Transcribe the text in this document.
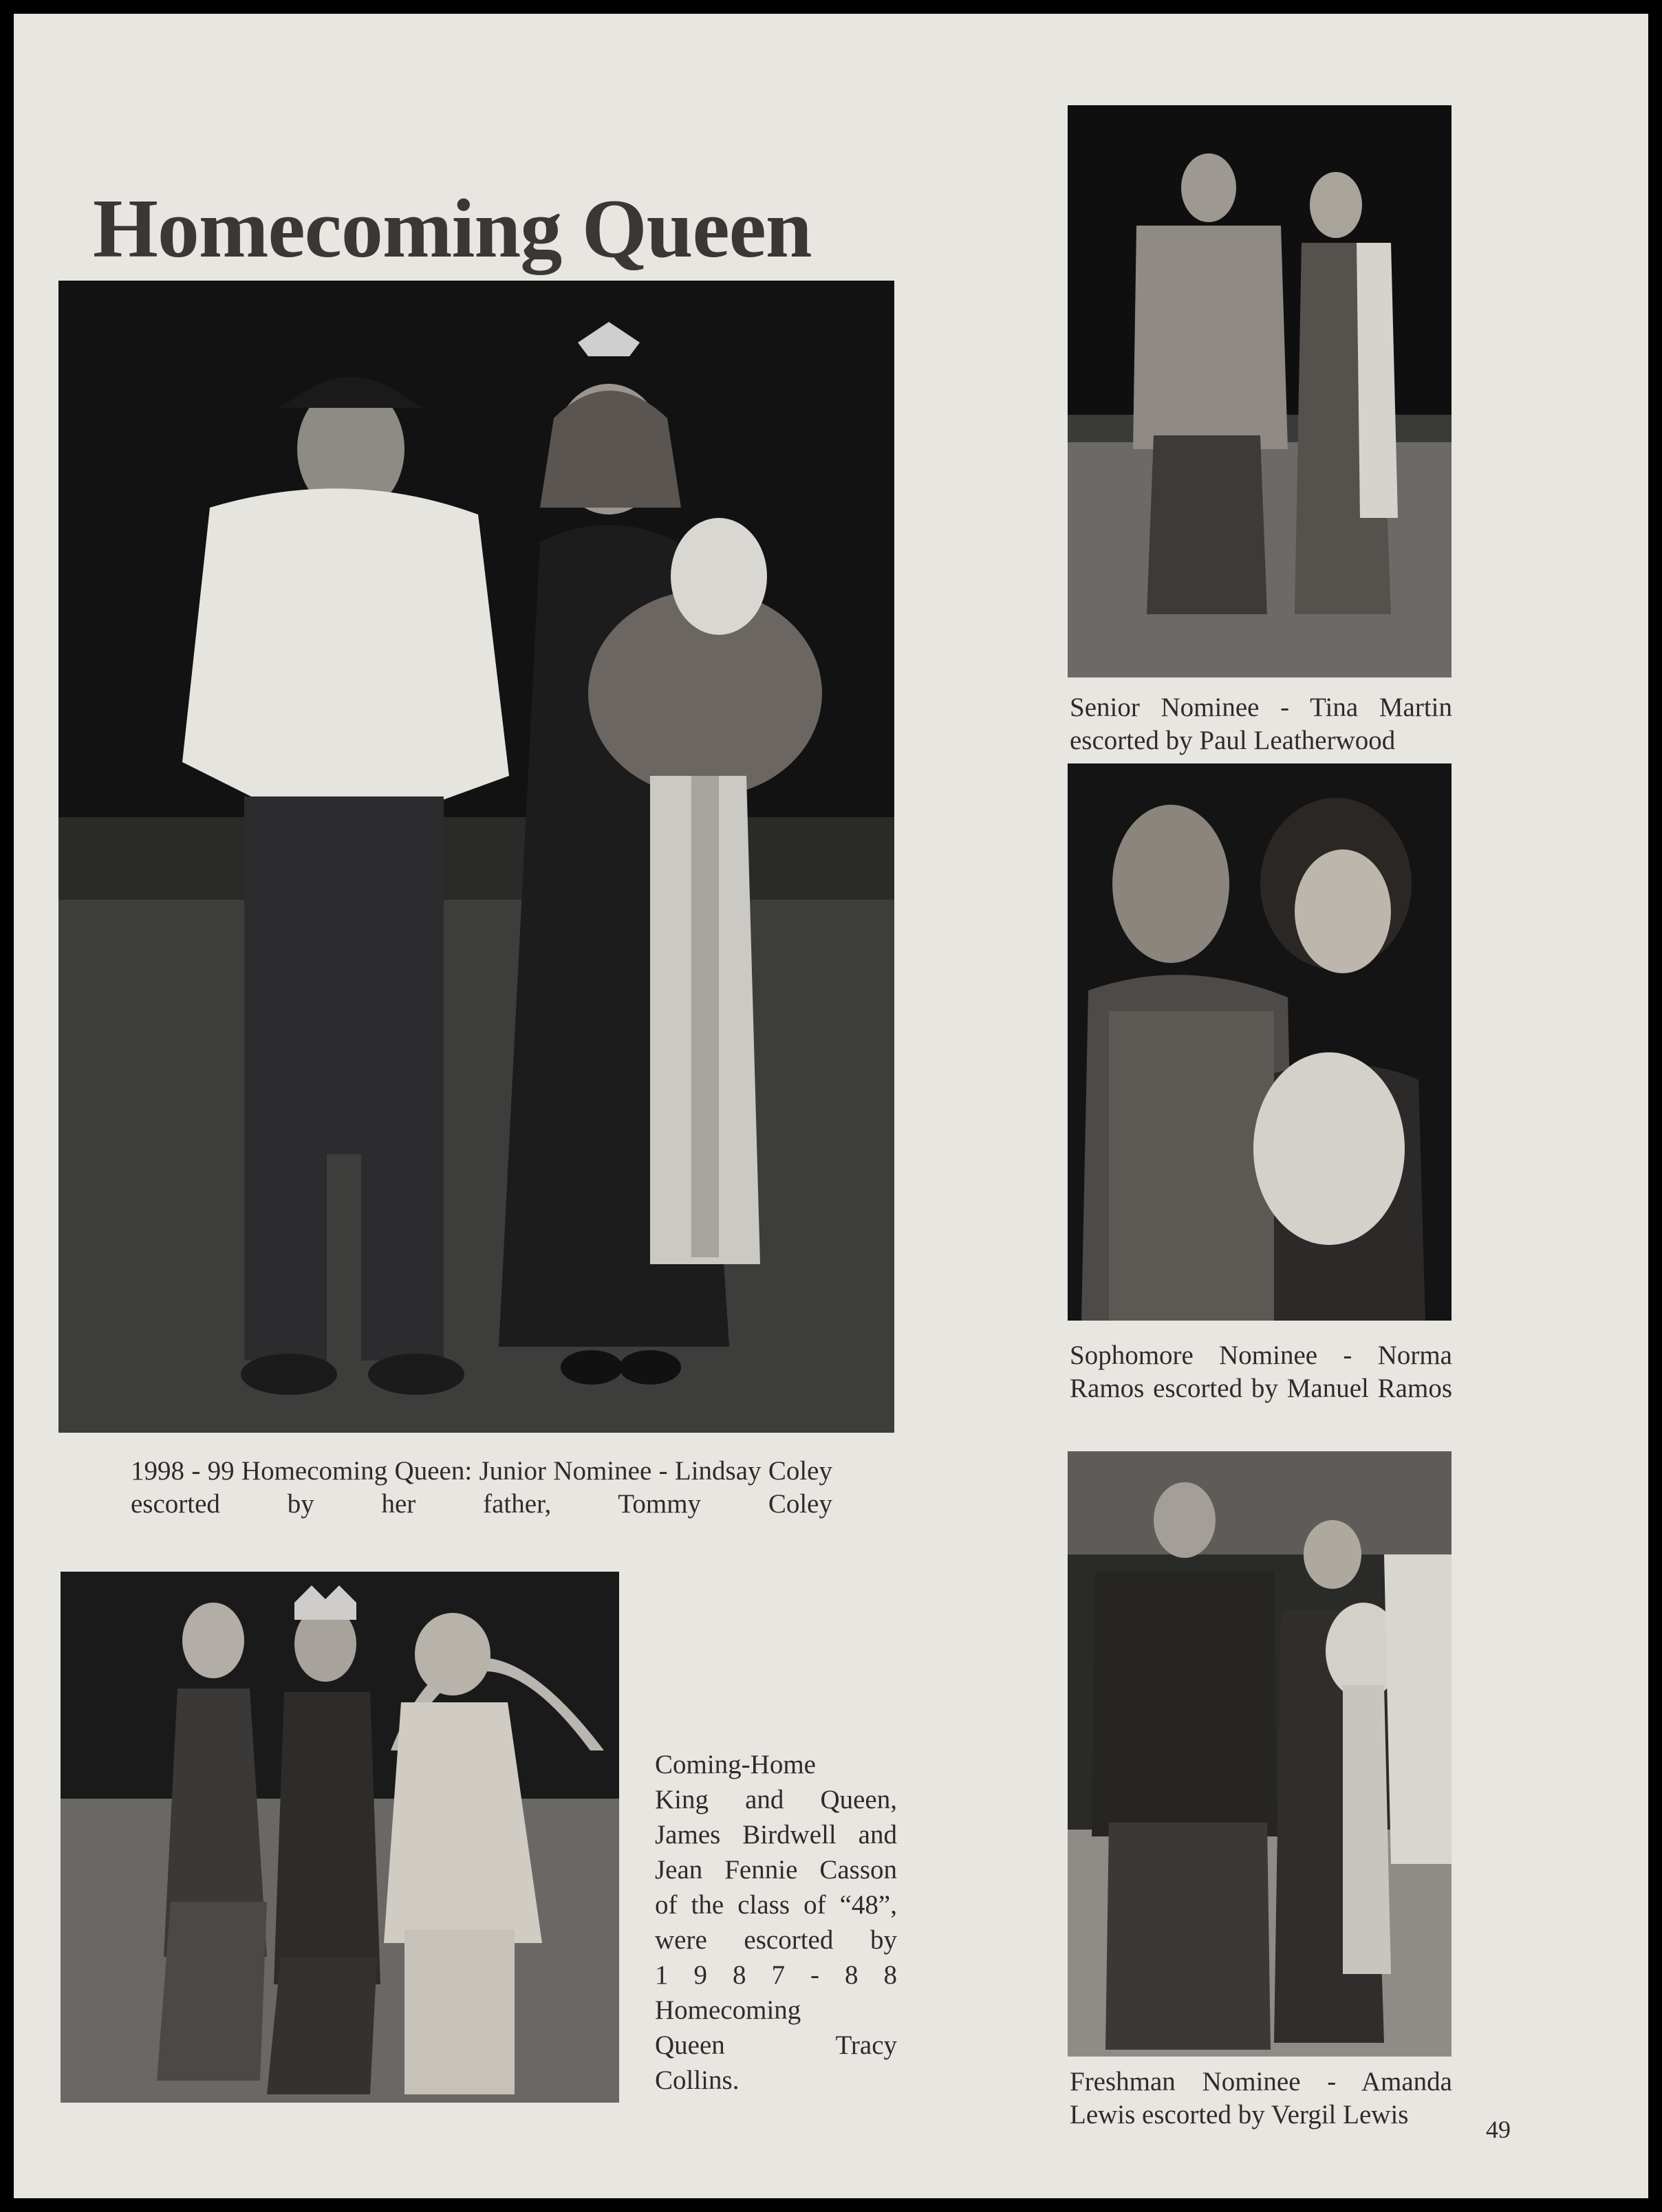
Homecoming Queen
1998 - 99 Homecoming Queen: Junior Nominee - Lindsay Coley escorted by her father, Tommy Coley
Coming-Home
King and Queen,
James Birdwell and
Jean Fennie Casson
of the class of “48”,
were escorted by
1 9 8 7 - 8 8
Homecoming
Queen Tracy
Collins.
Senior Nominee - Tina Martin
escorted by Paul Leatherwood
Sophomore Nominee - Norma Ramos escorted by Manuel Ramos
Freshman Nominee - Amanda
Lewis escorted by Vergil Lewis	49
